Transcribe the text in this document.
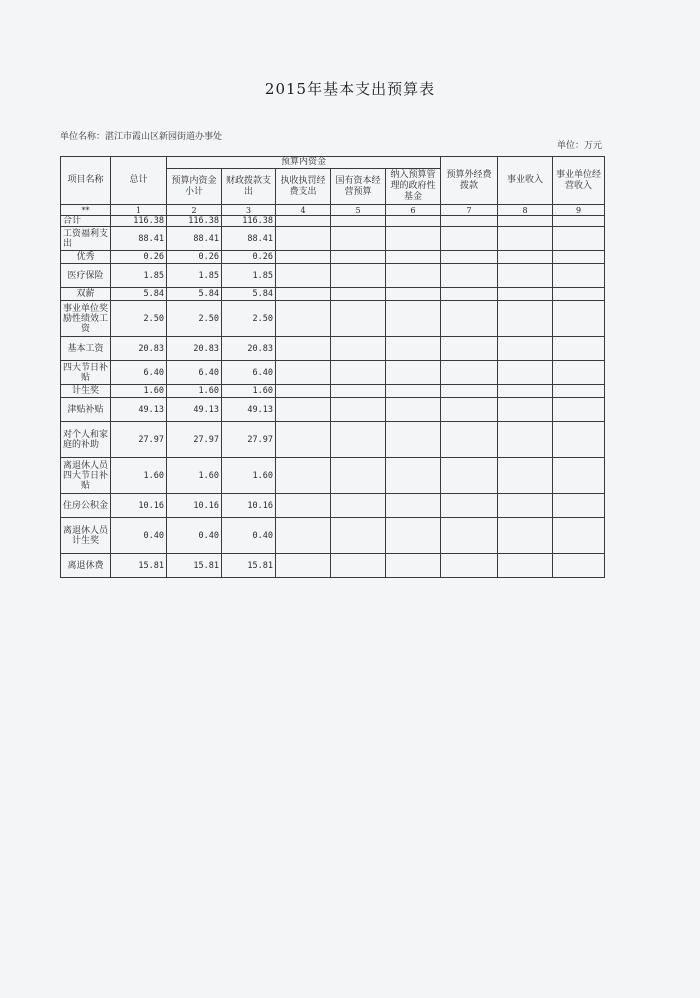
2015年基本支出预算表
单位名称：湛江市霞山区新园街道办事处
单位：万元
项目名称	总计	预算内资金					预算外经费拨款	事业收入	事业单位经营收入
		预算内资金小计	财政拨款支出	执收执罚经费支出	国有资本经营预算	纳入预算管理的政府性基金			
**	1	2	3	4	5	6	7	8	9
合计	116.38	116.38	116.38						
工资福利支出	88.41	88.41	88.41						
优秀	0.26	0.26	0.26						
医疗保险	1.85	1.85	1.85						
双薪	5.84	5.84	5.84						
事业单位奖励性绩效工资	2.50	2.50	2.50						
基本工资	20.83	20.83	20.83						
四大节日补贴	6.40	6.40	6.40						
计生奖	1.60	1.60	1.60						
津贴补贴	49.13	49.13	49.13						
对个人和家庭的补助	27.97	27.97	27.97						
离退休人员四大节日补贴	1.60	1.60	1.60						
住房公积金	10.16	10.16	10.16						
离退休人员计生奖	0.40	0.40	0.40						
离退休费	15.81	15.81	15.81						
